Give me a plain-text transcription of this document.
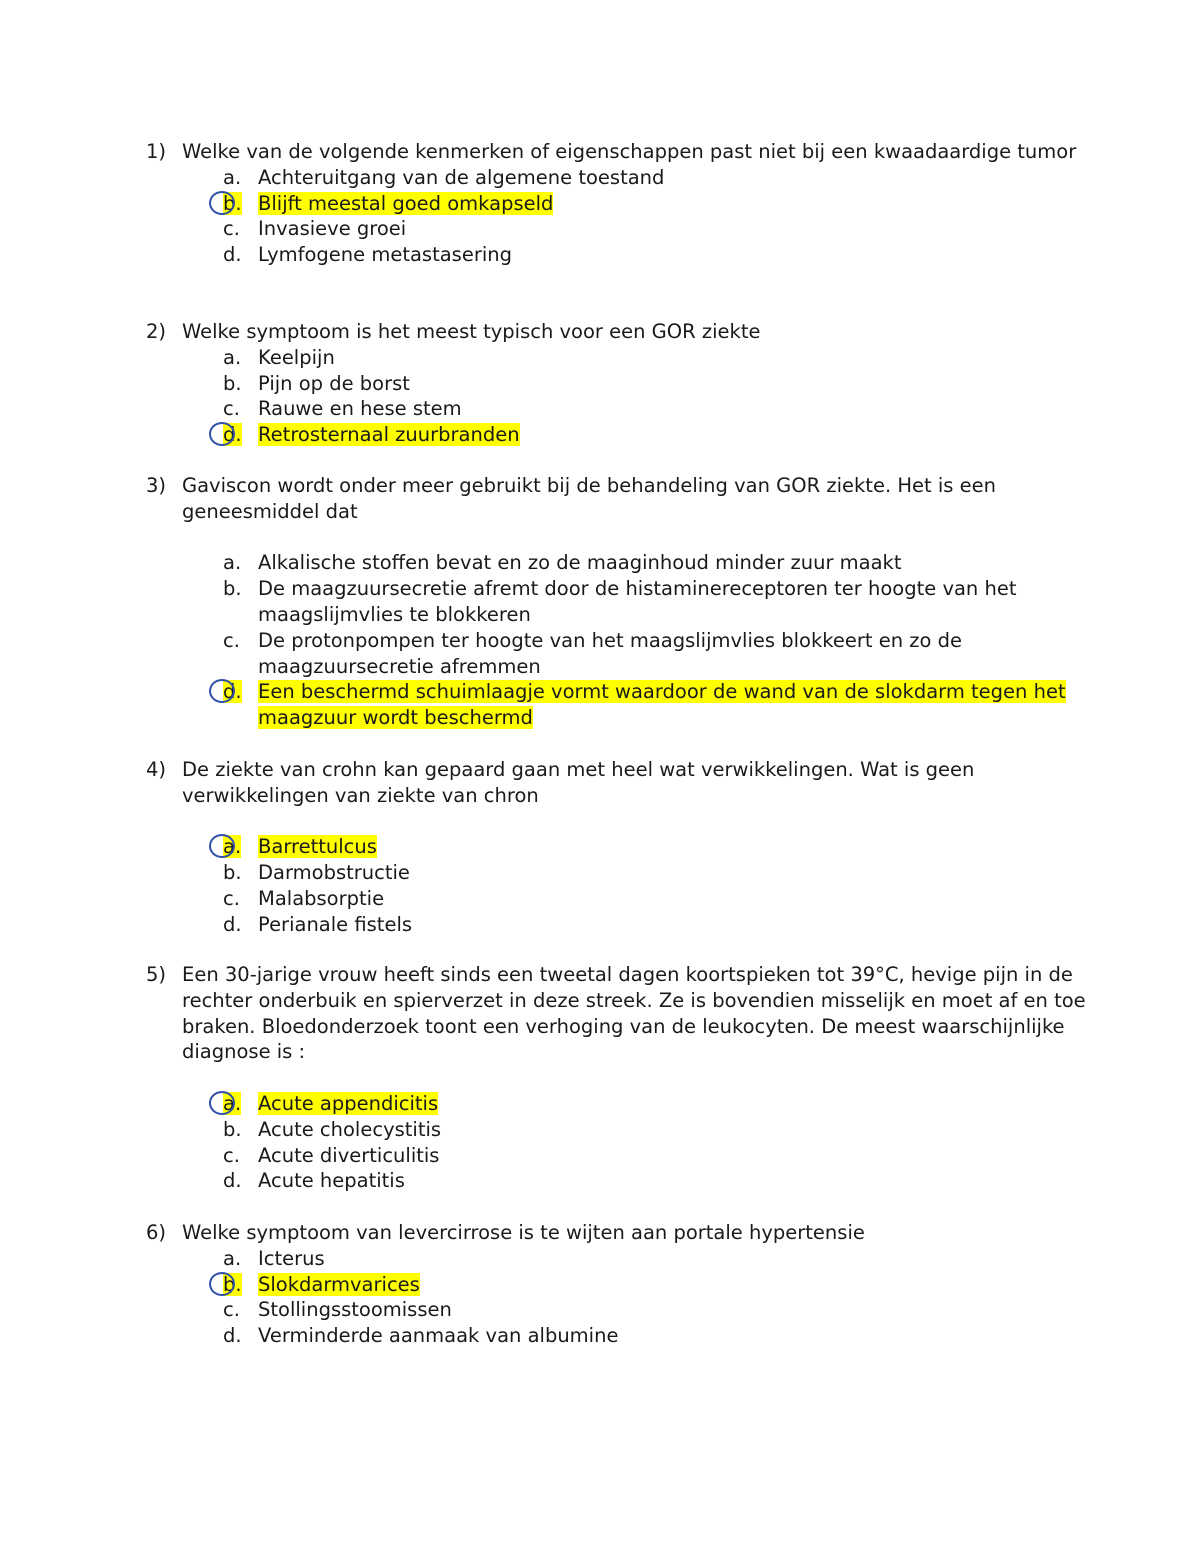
1) Welke van de volgende kenmerken of eigenschappen past niet bij een kwaadaardige tumor
a. Achteruitgang van de algemene toestand
b. Blijft meestal goed omkapseld
c. Invasieve groei
d. Lymfogene metastasering
2) Welke symptoom is het meest typisch voor een GOR ziekte
a. Keelpijn
b. Pijn op de borst
c. Rauwe en hese stem
d. Retrosternaal zuurbranden
3) Gaviscon wordt onder meer gebruikt bij de behandeling van GOR ziekte. Het is een geneesmiddel dat
a. Alkalische stoffen bevat en zo de maaginhoud minder zuur maakt
b. De maagzuursecretie afremt door de histaminereceptoren ter hoogte van het maagslijmvlies te blokkeren
c. De protonpompen ter hoogte van het maagslijmvlies blokkeert en zo de maagzuursecretie afremmen
d. Een beschermd schuimlaagje vormt waardoor de wand van de slokdarm tegen het maagzuur wordt beschermd
4) De ziekte van crohn kan gepaard gaan met heel wat verwikkelingen. Wat is geen verwikkelingen van ziekte van chron
a. Barrettulcus
b. Darmobstructie
c. Malabsorptie
d. Perianale fistels
5) Een 30-jarige vrouw heeft sinds een tweetal dagen koortspieken tot 39°C, hevige pijn in de rechter onderbuik en spierverzet in deze streek. Ze is bovendien misselijk en moet af en toe braken. Bloedonderzoek toont een verhoging van de leukocyten. De meest waarschijnlijke diagnose is :
a. Acute appendicitis
b. Acute cholecystitis
c. Acute diverticulitis
d. Acute hepatitis
6) Welke symptoom van levercirrose is te wijten aan portale hypertensie
a. Icterus
b. Slokdarmvarices
c. Stollingsstoomissen
d. Verminderde aanmaak van albumine
